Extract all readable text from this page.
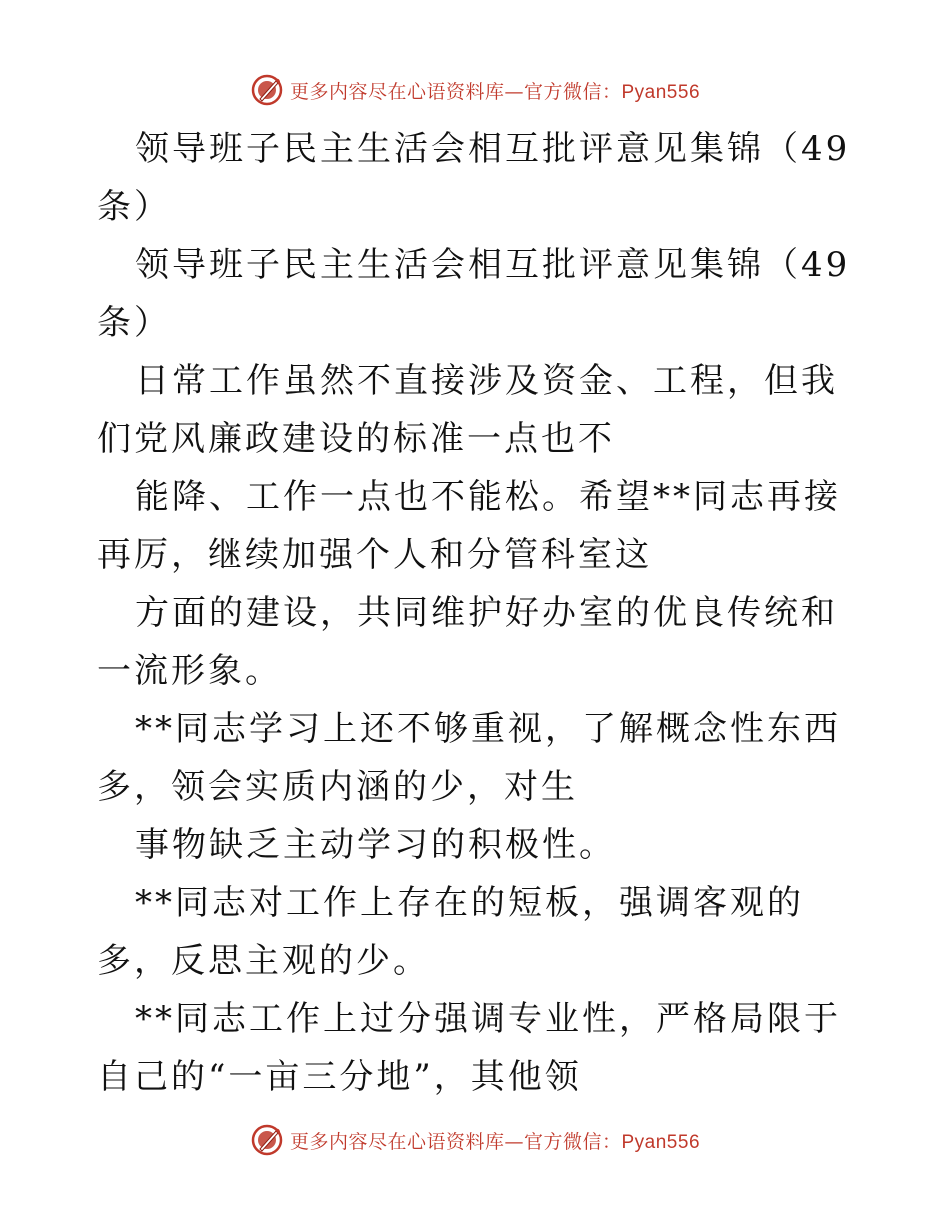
更多内容尽在心语资料库—官方微信：Pyan556

领导班子民主生活会相互批评意见集锦（49条）

领导班子民主生活会相互批评意见集锦（49条）

日常工作虽然不直接涉及资金、工程，但我们党风廉政建设的标准一点也不

能降、工作一点也不能松。希望**同志再接再厉，继续加强个人和分管科室这

方面的建设，共同维护好办室的优良传统和一流形象。

**同志学习上还不够重视，了解概念性东西多，领会实质内涵的少，对生

事物缺乏主动学习的积极性。

**同志对工作上存在的短板，强调客观的多，反思主观的少。

**同志工作上过分强调专业性，严格局限于自己的“一亩三分地”，其他领

更多内容尽在心语资料库—官方微信：Pyan556
